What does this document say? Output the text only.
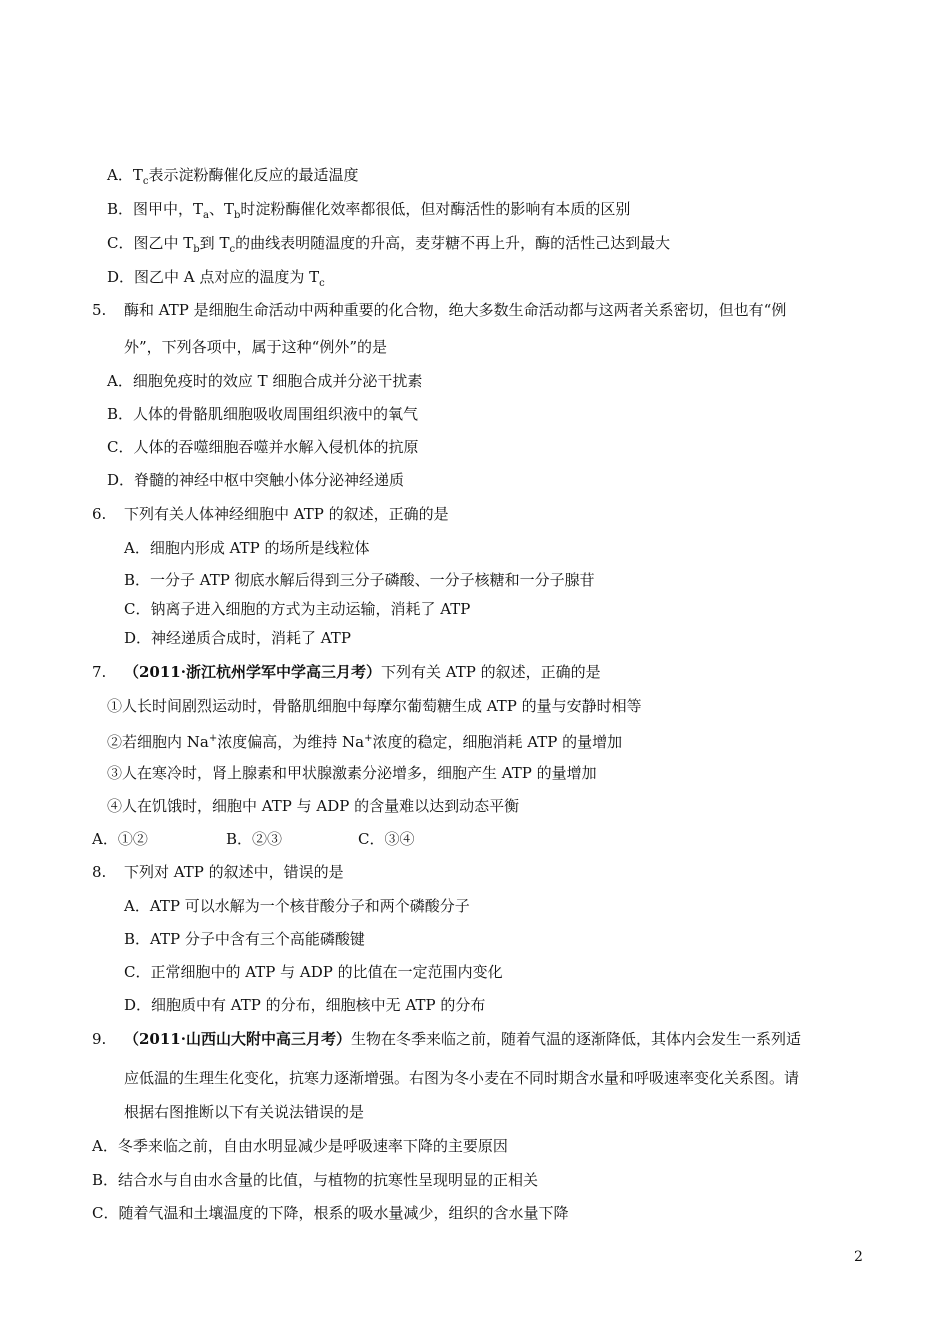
A．$T_c$表示淀粉酶催化反应的最适温度
B．图甲中，$T_a$、$T_b$时淀粉酶催化效率都很低，但对酶活性的影响有本质的区别
C．图乙中 $T_b$到 $T_c$的曲线表明随温度的升高，麦芽糖不再上升，酶的活性己达到最大
D．图乙中 A 点对应的温度为 $T_c$
5. 酶和 ATP 是细胞生命活动中两种重要的化合物，绝大多数生命活动都与这两者关系密切，但也有“例
外”，下列各项中，属于这种“例外”的是
A．细胞免疫时的效应 T 细胞合成并分泌干扰素
B．人体的骨骼肌细胞吸收周围组织液中的氧气
C．人体的吞噬细胞吞噬并水解入侵机体的抗原
D．脊髓的神经中枢中突触小体分泌神经递质
6. 下列有关人体神经细胞中 ATP 的叙述，正确的是
A．细胞内形成 ATP 的场所是线粒体
B．一分子 ATP 彻底水解后得到三分子磷酸、一分子核糖和一分子腺苷
C．钠离子进入细胞的方式为主动运输，消耗了 ATP
D．神经递质合成时，消耗了 ATP
7. （2011·浙江杭州学军中学高三月考）下列有关 ATP 的叙述，正确的是
①人长时间剧烈运动时，骨骼肌细胞中每摩尔葡萄糖生成 ATP 的量与安静时相等
②若细胞内 Na+浓度偏高，为维持 Na+浓度的稳定，细胞消耗 ATP 的量增加
③人在寒冷时，肾上腺素和甲状腺激素分泌增多，细胞产生 ATP 的量增加
④人在饥饿时，细胞中 ATP 与 ADP 的含量难以达到动态平衡
A．①②	B．②③	C．③④
8. 下列对 ATP 的叙述中，错误的是
A．ATP 可以水解为一个核苷酸分子和两个磷酸分子
B．ATP 分子中含有三个高能磷酸键
C．正常细胞中的 ATP 与 ADP 的比值在一定范围内变化
D．细胞质中有 ATP 的分布，细胞核中无 ATP 的分布
9. （2011·山西山大附中高三月考）生物在冬季来临之前，随着气温的逐渐降低，其体内会发生一系列适
应低温的生理生化变化，抗寒力逐渐增强。右图为冬小麦在不同时期含水量和呼吸速率变化关系图。请
根据右图推断以下有关说法错误的是
A．冬季来临之前，自由水明显减少是呼吸速率下降的主要原因
B．结合水与自由水含量的比值，与植物的抗寒性呈现明显的正相关
C．随着气温和土壤温度的下降，根系的吸水量减少，组织的含水量下降
2
